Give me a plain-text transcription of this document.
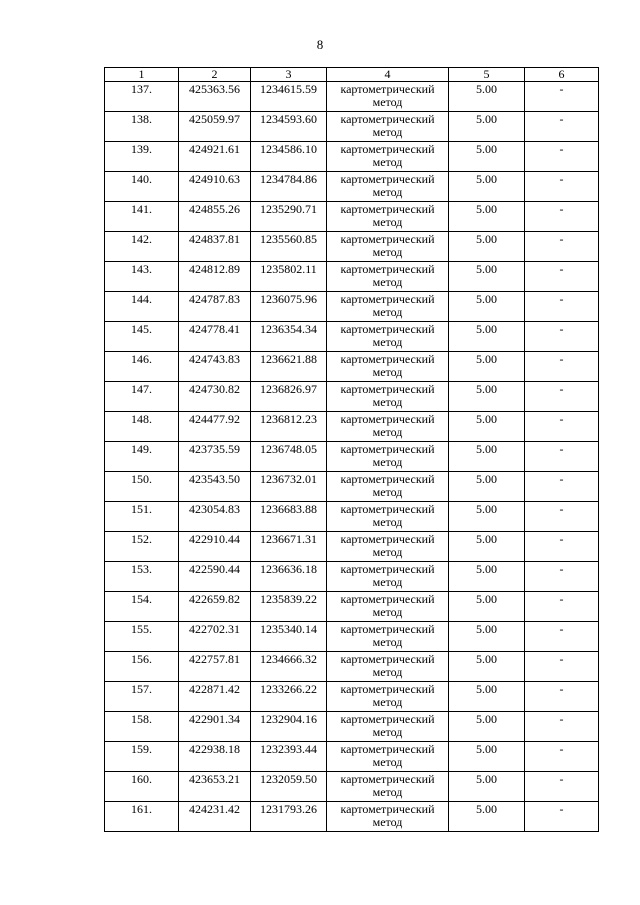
8
1	2	3	4	5	6
137.	425363.56	1234615.59	картометрический метод	5.00	-
138.	425059.97	1234593.60	картометрический метод	5.00	-
139.	424921.61	1234586.10	картометрический метод	5.00	-
140.	424910.63	1234784.86	картометрический метод	5.00	-
141.	424855.26	1235290.71	картометрический метод	5.00	-
142.	424837.81	1235560.85	картометрический метод	5.00	-
143.	424812.89	1235802.11	картометрический метод	5.00	-
144.	424787.83	1236075.96	картометрический метод	5.00	-
145.	424778.41	1236354.34	картометрический метод	5.00	-
146.	424743.83	1236621.88	картометрический метод	5.00	-
147.	424730.82	1236826.97	картометрический метод	5.00	-
148.	424477.92	1236812.23	картометрический метод	5.00	-
149.	423735.59	1236748.05	картометрический метод	5.00	-
150.	423543.50	1236732.01	картометрический метод	5.00	-
151.	423054.83	1236683.88	картометрический метод	5.00	-
152.	422910.44	1236671.31	картометрический метод	5.00	-
153.	422590.44	1236636.18	картометрический метод	5.00	-
154.	422659.82	1235839.22	картометрический метод	5.00	-
155.	422702.31	1235340.14	картометрический метод	5.00	-
156.	422757.81	1234666.32	картометрический метод	5.00	-
157.	422871.42	1233266.22	картометрический метод	5.00	-
158.	422901.34	1232904.16	картометрический метод	5.00	-
159.	422938.18	1232393.44	картометрический метод	5.00	-
160.	423653.21	1232059.50	картометрический метод	5.00	-
161.	424231.42	1231793.26	картометрический метод	5.00	-
